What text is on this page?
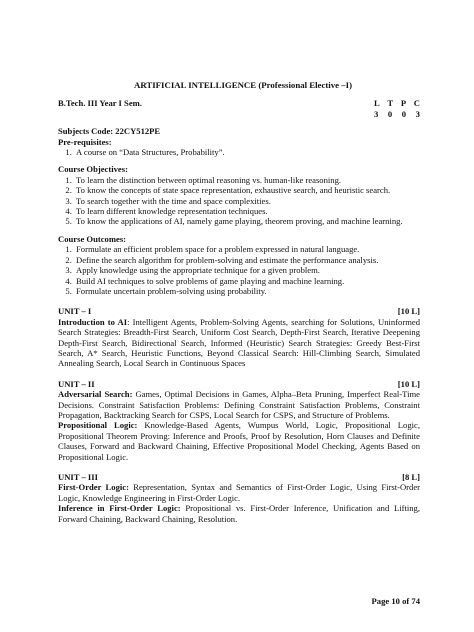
ARTIFICIAL INTELLIGENCE (Professional Elective –I)
B.Tech. III Year I Sem.	L T P C
3 0 0 3
Subjects Code: 22CY512PE
Pre-requisites:
1. A course on “Data Structures, Probability”.
Course Objectives:
1. To learn the distinction between optimal reasoning vs. human-like reasoning.
2. To know the concepts of state space representation, exhaustive search, and heuristic search.
3. To search together with the time and space complexities.
4. To learn different knowledge representation techniques.
5. To know the applications of AI, namely game playing, theorem proving, and machine learning.
Course Outcomes:
1. Formulate an efficient problem space for a problem expressed in natural language.
2. Define the search algorithm for problem-solving and estimate the performance analysis.
3. Apply knowledge using the appropriate technique for a given problem.
4. Build AI techniques to solve problems of game playing and machine learning.
5. Formulate uncertain problem-solving using probability.
UNIT – I	[10 L]
Introduction to AI: Intelligent Agents, Problem-Solving Agents, searching for Solutions, Uninformed Search Strategies: Breadth-First Search, Uniform Cost Search, Depth-First Search, Iterative Deepening Depth-First Search, Bidirectional Search, Informed (Heuristic) Search Strategies: Greedy Best-First Search, A* Search, Heuristic Functions, Beyond Classical Search: Hill-Climbing Search, Simulated Annealing Search, Local Search in Continuous Spaces
UNIT – II	[10 L]
Adversarial Search: Games, Optimal Decisions in Games, Alpha–Beta Pruning, Imperfect Real-Time Decisions. Constraint Satisfaction Problems: Defining Constraint Satisfaction Problems, Constraint Propagation, Backtracking Search for CSPS, Local Search for CSPS, and Structure of Problems.
Propositional Logic: Knowledge-Based Agents, Wumpus World, Logic, Propositional Logic, Propositional Theorem Proving: Inference and Proofs, Proof by Resolution, Horn Clauses and Definite Clauses, Forward and Backward Chaining, Effective Propositional Model Checking, Agents Based on Propositional Logic.
UNIT – III	[8 L]
First-Order Logic: Representation, Syntax and Semantics of First-Order Logic, Using First-Order Logic, Knowledge Engineering in First-Order Logic.
Inference in First-Order Logic: Propositional vs. First-Order Inference, Unification and Lifting, Forward Chaining, Backward Chaining, Resolution.
Page 10 of 74
